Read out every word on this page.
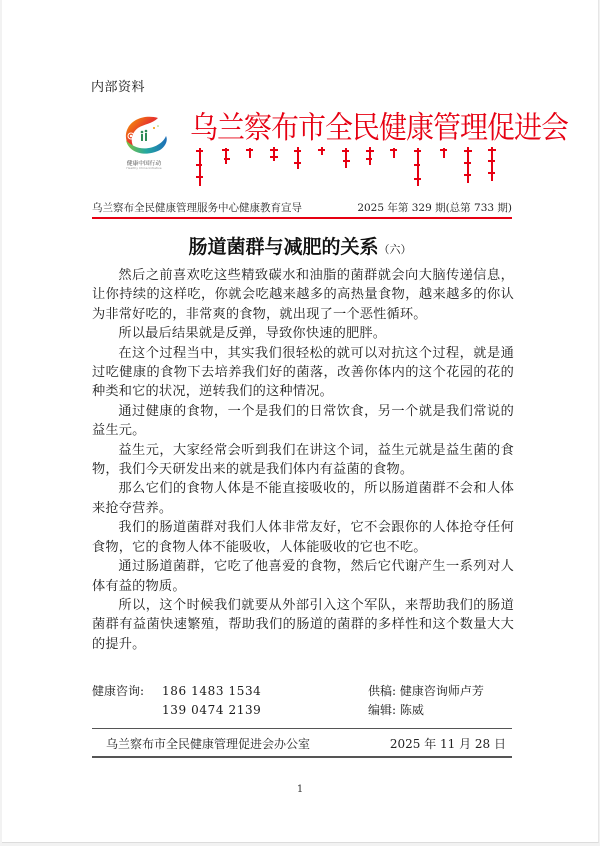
内部资料
健康中国行动
Healthy China Initiative
乌兰察布市全民健康管理促进会
乌兰察布全民健康管理服务中心健康教育宣导	2025 年第 329 期(总第 733 期)
肠道菌群与减肥的关系（六）

然后之前喜欢吃这些精致碳水和油脂的菌群就会向大脑传递信息，让你持续的这样吃，你就会吃越来越多的高热量食物，越来越多的你认为非常好吃的，非常爽的食物，就出现了一个恶性循环。

所以最后结果就是反弹，导致你快速的肥胖。

在这个过程当中，其实我们很轻松的就可以对抗这个过程，就是通过吃健康的食物下去培养我们好的菌落，改善你体内的这个花园的花的种类和它的状况，逆转我们的这种情况。

通过健康的食物，一个是我们的日常饮食，另一个就是我们常说的益生元。

益生元，大家经常会听到我们在讲这个词，益生元就是益生菌的食物，我们今天研发出来的就是我们体内有益菌的食物。

那么它们的食物人体是不能直接吸收的，所以肠道菌群不会和人体来抢夺营养。

我们的肠道菌群对我们人体非常友好，它不会跟你的人体抢夺任何食物，它的食物人体不能吸收，人体能吸收的它也不吃。

通过肠道菌群，它吃了他喜爱的食物，然后它代谢产生一系列对人体有益的物质。

所以，这个时候我们就要从外部引入这个军队，来帮助我们的肠道菌群有益菌快速繁殖，帮助我们的肠道的菌群的多样性和这个数量大大的提升。

健康咨询: 186 1483 1534
139 0474 2139
供稿: 健康咨询师卢芳
编辑: 陈威
乌兰察布市全民健康管理促进会办公室	2025 年 11 月 28 日
1
